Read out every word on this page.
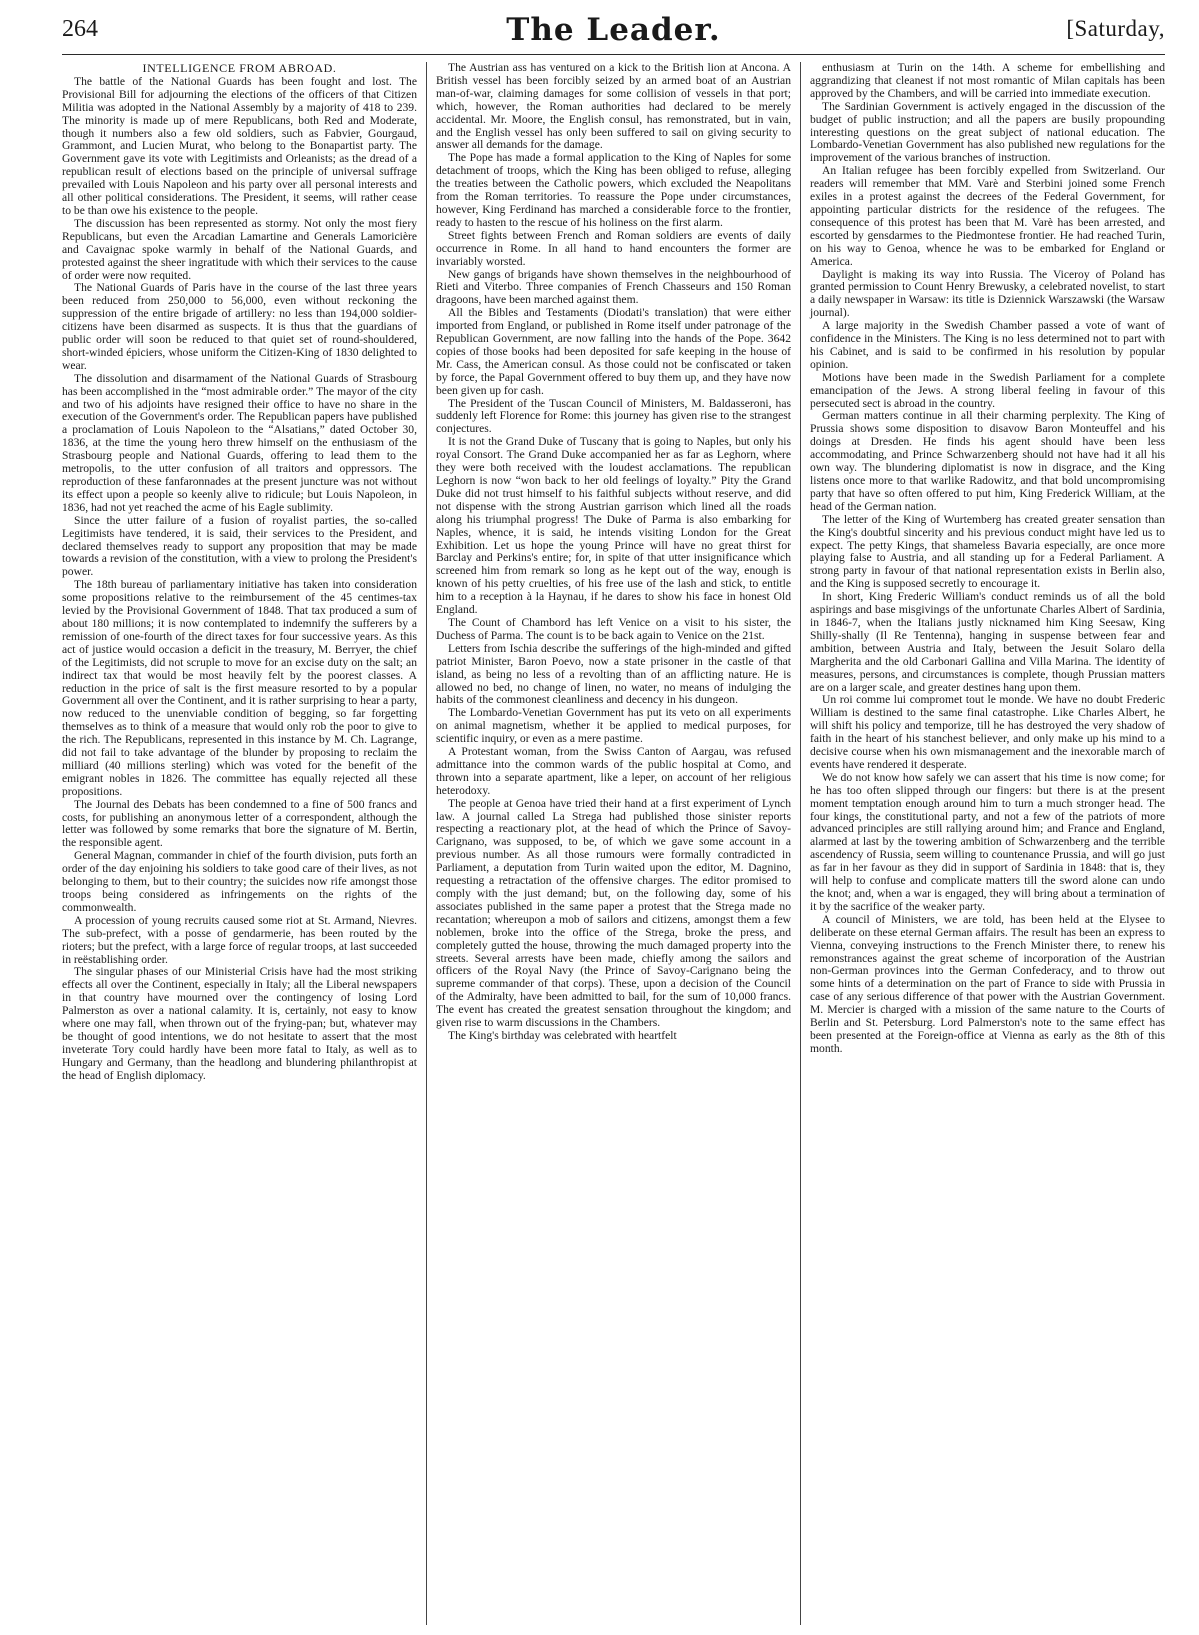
264	The Leader.	[Saturday,
INTELLIGENCE FROM ABROAD.

The battle of the National Guards has been fought and lost. The Provisional Bill for adjourning the elections of the officers of that Citizen Militia was adopted in the National Assembly by a majority of 418 to 239. The minority is made up of mere Republicans, both Red and Moderate, though it numbers also a few old soldiers, such as Fabvier, Gourgaud, Grammont, and Lucien Murat, who belong to the Bonapartist party. The Government gave its vote with Legitimists and Orleanists; as the dread of a republican result of elections based on the principle of universal suffrage prevailed with Louis Napoleon and his party over all personal interests and all other political considerations. The President, it seems, will rather cease to be than owe his existence to the people.

The discussion has been represented as stormy. Not only the most fiery Republicans, but even the Arcadian Lamartine and Generals Lamoricière and Cavaignac spoke warmly in behalf of the National Guards, and protested against the sheer ingratitude with which their services to the cause of order were now requited.

The National Guards of Paris have in the course of the last three years been reduced from 250,000 to 56,000, even without reckoning the suppression of the entire brigade of artillery: no less than 194,000 soldier-citizens have been disarmed as suspects. It is thus that the guardians of public order will soon be reduced to that quiet set of round-shouldered, short-winded épiciers, whose uniform the Citizen-King of 1830 delighted to wear.

The dissolution and disarmament of the National Guards of Strasbourg has been accomplished in the “most admirable order.” The mayor of the city and two of his adjoints have resigned their office to have no share in the execution of the Government's order. The Republican papers have published a proclamation of Louis Napoleon to the “Alsatians,” dated October 30, 1836, at the time the young hero threw himself on the enthusiasm of the Strasbourg people and National Guards, offering to lead them to the metropolis, to the utter confusion of all traitors and oppressors. The reproduction of these fanfaronnades at the present juncture was not without its effect upon a people so keenly alive to ridicule; but Louis Napoleon, in 1836, had not yet reached the acme of his Eagle sublimity.

Since the utter failure of a fusion of royalist parties, the so-called Legitimists have tendered, it is said, their services to the President, and declared themselves ready to support any proposition that may be made towards a revision of the constitution, with a view to prolong the President's power.

The 18th bureau of parliamentary initiative has taken into consideration some propositions relative to the reimbursement of the 45 centimes-tax levied by the Provisional Government of 1848. That tax produced a sum of about 180 millions; it is now contemplated to indemnify the sufferers by a remission of one-fourth of the direct taxes for four successive years. As this act of justice would occasion a deficit in the treasury, M. Berryer, the chief of the Legitimists, did not scruple to move for an excise duty on the salt; an indirect tax that would be most heavily felt by the poorest classes. A reduction in the price of salt is the first measure resorted to by a popular Government all over the Continent, and it is rather surprising to hear a party, now reduced to the unenviable condition of begging, so far forgetting themselves as to think of a measure that would only rob the poor to give to the rich. The Republicans, represented in this instance by M. Ch. Lagrange, did not fail to take advantage of the blunder by proposing to reclaim the milliard (40 millions sterling) which was voted for the benefit of the emigrant nobles in 1826. The committee has equally rejected all these propositions.

The Journal des Debats has been condemned to a fine of 500 francs and costs, for publishing an anonymous letter of a correspondent, although the letter was followed by some remarks that bore the signature of M. Bertin, the responsible agent.

General Magnan, commander in chief of the fourth division, puts forth an order of the day enjoining his soldiers to take good care of their lives, as not belonging to them, but to their country; the suicides now rife amongst those troops being considered as infringements on the rights of the commonwealth.

A procession of young recruits caused some riot at St. Armand, Nievres. The sub-prefect, with a posse of gendarmerie, has been routed by the rioters; but the prefect, with a large force of regular troops, at last succeeded in reëstablishing order.

The singular phases of our Ministerial Crisis have had the most striking effects all over the Continent, especially in Italy; all the Liberal newspapers in that country have mourned over the contingency of losing Lord Palmerston as over a national calamity. It is, certainly, not easy to know where one may fall, when thrown out of the frying-pan; but, whatever may be thought of good intentions, we do not hesitate to assert that the most inveterate Tory could hardly have been more fatal to Italy, as well as to Hungary and Germany, than the headlong and blundering philanthropist at the head of English diplomacy.

The Austrian ass has ventured on a kick to the British lion at Ancona. A British vessel has been forcibly seized by an armed boat of an Austrian man-of-war, claiming damages for some collision of vessels in that port; which, however, the Roman authorities had declared to be merely accidental. Mr. Moore, the English consul, has remonstrated, but in vain, and the English vessel has only been suffered to sail on giving security to answer all demands for the damage.

The Pope has made a formal application to the King of Naples for some detachment of troops, which the King has been obliged to refuse, alleging the treaties between the Catholic powers, which excluded the Neapolitans from the Roman territories. To reassure the Pope under circumstances, however, King Ferdinand has marched a considerable force to the frontier, ready to hasten to the rescue of his holiness on the first alarm.

Street fights between French and Roman soldiers are events of daily occurrence in Rome. In all hand to hand encounters the former are invariably worsted.

New gangs of brigands have shown themselves in the neighbourhood of Rieti and Viterbo. Three companies of French Chasseurs and 150 Roman dragoons, have been marched against them.

All the Bibles and Testaments (Diodati's translation) that were either imported from England, or published in Rome itself under patronage of the Republican Government, are now falling into the hands of the Pope. 3642 copies of those books had been deposited for safe keeping in the house of Mr. Cass, the American consul. As those could not be confiscated or taken by force, the Papal Government offered to buy them up, and they have now been given up for cash.

The President of the Tuscan Council of Ministers, M. Baldasseroni, has suddenly left Florence for Rome: this journey has given rise to the strangest conjectures.

It is not the Grand Duke of Tuscany that is going to Naples, but only his royal Consort. The Grand Duke accompanied her as far as Leghorn, where they were both received with the loudest acclamations. The republican Leghorn is now “won back to her old feelings of loyalty.” Pity the Grand Duke did not trust himself to his faithful subjects without reserve, and did not dispense with the strong Austrian garrison which lined all the roads along his triumphal progress! The Duke of Parma is also embarking for Naples, whence, it is said, he intends visiting London for the Great Exhibition. Let us hope the young Prince will have no great thirst for Barclay and Perkins's entire; for, in spite of that utter insignificance which screened him from remark so long as he kept out of the way, enough is known of his petty cruelties, of his free use of the lash and stick, to entitle him to a reception à la Haynau, if he dares to show his face in honest Old England.

The Count of Chambord has left Venice on a visit to his sister, the Duchess of Parma. The count is to be back again to Venice on the 21st.

Letters from Ischia describe the sufferings of the high-minded and gifted patriot Minister, Baron Poevo, now a state prisoner in the castle of that island, as being no less of a revolting than of an afflicting nature. He is allowed no bed, no change of linen, no water, no means of indulging the habits of the commonest cleanliness and decency in his dungeon.

The Lombardo-Venetian Government has put its veto on all experiments on animal magnetism, whether it be applied to medical purposes, for scientific inquiry, or even as a mere pastime.

A Protestant woman, from the Swiss Canton of Aargau, was refused admittance into the common wards of the public hospital at Como, and thrown into a separate apartment, like a leper, on account of her religious heterodoxy.

The people at Genoa have tried their hand at a first experiment of Lynch law. A journal called La Strega had published those sinister reports respecting a reactionary plot, at the head of which the Prince of Savoy-Carignano, was supposed, to be, of which we gave some account in a previous number. As all those rumours were formally contradicted in Parliament, a deputation from Turin waited upon the editor, M. Dagnino, requesting a retractation of the offensive charges. The editor promised to comply with the just demand; but, on the following day, some of his associates published in the same paper a protest that the Strega made no recantation; whereupon a mob of sailors and citizens, amongst them a few noblemen, broke into the office of the Strega, broke the press, and completely gutted the house, throwing the much damaged property into the streets. Several arrests have been made, chiefly among the sailors and officers of the Royal Navy (the Prince of Savoy-Carignano being the supreme commander of that corps). These, upon a decision of the Council of the Admiralty, have been admitted to bail, for the sum of 10,000 francs. The event has created the greatest sensation throughout the kingdom; and given rise to warm discussions in the Chambers.

The King's birthday was celebrated with heartfelt

enthusiasm at Turin on the 14th. A scheme for embellishing and aggrandizing that cleanest if not most romantic of Milan capitals has been approved by the Chambers, and will be carried into immediate execution.

The Sardinian Government is actively engaged in the discussion of the budget of public instruction; and all the papers are busily propounding interesting questions on the great subject of national education. The Lombardo-Venetian Government has also published new regulations for the improvement of the various branches of instruction.

An Italian refugee has been forcibly expelled from Switzerland. Our readers will remember that MM. Varè and Sterbini joined some French exiles in a protest against the decrees of the Federal Government, for appointing particular districts for the residence of the refugees. The consequence of this protest has been that M. Varè has been arrested, and escorted by gensdarmes to the Piedmontese frontier. He had reached Turin, on his way to Genoa, whence he was to be embarked for England or America.

Daylight is making its way into Russia. The Viceroy of Poland has granted permission to Count Henry Brewusky, a celebrated novelist, to start a daily newspaper in Warsaw: its title is Dziennick Warszawski (the Warsaw journal).

A large majority in the Swedish Chamber passed a vote of want of confidence in the Ministers. The King is no less determined not to part with his Cabinet, and is said to be confirmed in his resolution by popular opinion.

Motions have been made in the Swedish Parliament for a complete emancipation of the Jews. A strong liberal feeling in favour of this persecuted sect is abroad in the country.

German matters continue in all their charming perplexity. The King of Prussia shows some disposition to disavow Baron Monteuffel and his doings at Dresden. He finds his agent should have been less accommodating, and Prince Schwarzenberg should not have had it all his own way. The blundering diplomatist is now in disgrace, and the King listens once more to that warlike Radowitz, and that bold uncompromising party that have so often offered to put him, King Frederick William, at the head of the German nation.

The letter of the King of Wurtemberg has created greater sensation than the King's doubtful sincerity and his previous conduct might have led us to expect. The petty Kings, that shameless Bavaria especially, are once more playing false to Austria, and all standing up for a Federal Parliament. A strong party in favour of that national representation exists in Berlin also, and the King is supposed secretly to encourage it.

In short, King Frederic William's conduct reminds us of all the bold aspirings and base misgivings of the unfortunate Charles Albert of Sardinia, in 1846-7, when the Italians justly nicknamed him King Seesaw, King Shilly-shally (Il Re Tentenna), hanging in suspense between fear and ambition, between Austria and Italy, between the Jesuit Solaro della Margherita and the old Carbonari Gallina and Villa Marina. The identity of measures, persons, and circumstances is complete, though Prussian matters are on a larger scale, and greater destines hang upon them.

Un roi comme lui compromet tout le monde. We have no doubt Frederic William is destined to the same final catastrophe. Like Charles Albert, he will shift his policy and temporize, till he has destroyed the very shadow of faith in the heart of his stanchest believer, and only make up his mind to a decisive course when his own mismanagement and the inexorable march of events have rendered it desperate.

We do not know how safely we can assert that his time is now come; for he has too often slipped through our fingers: but there is at the present moment temptation enough around him to turn a much stronger head. The four kings, the constitutional party, and not a few of the patriots of more advanced principles are still rallying around him; and France and England, alarmed at last by the towering ambition of Schwarzenberg and the terrible ascendency of Russia, seem willing to countenance Prussia, and will go just as far in her favour as they did in support of Sardinia in 1848: that is, they will help to confuse and complicate matters till the sword alone can undo the knot; and, when a war is engaged, they will bring about a termination of it by the sacrifice of the weaker party.

A council of Ministers, we are told, has been held at the Elysee to deliberate on these eternal German affairs. The result has been an express to Vienna, conveying instructions to the French Minister there, to renew his remonstrances against the great scheme of incorporation of the Austrian non-German provinces into the German Confederacy, and to throw out some hints of a determination on the part of France to side with Prussia in case of any serious difference of that power with the Austrian Government. M. Mercier is charged with a mission of the same nature to the Courts of Berlin and St. Petersburg. Lord Palmerston's note to the same effect has been presented at the Foreign-office at Vienna as early as the 8th of this month.
